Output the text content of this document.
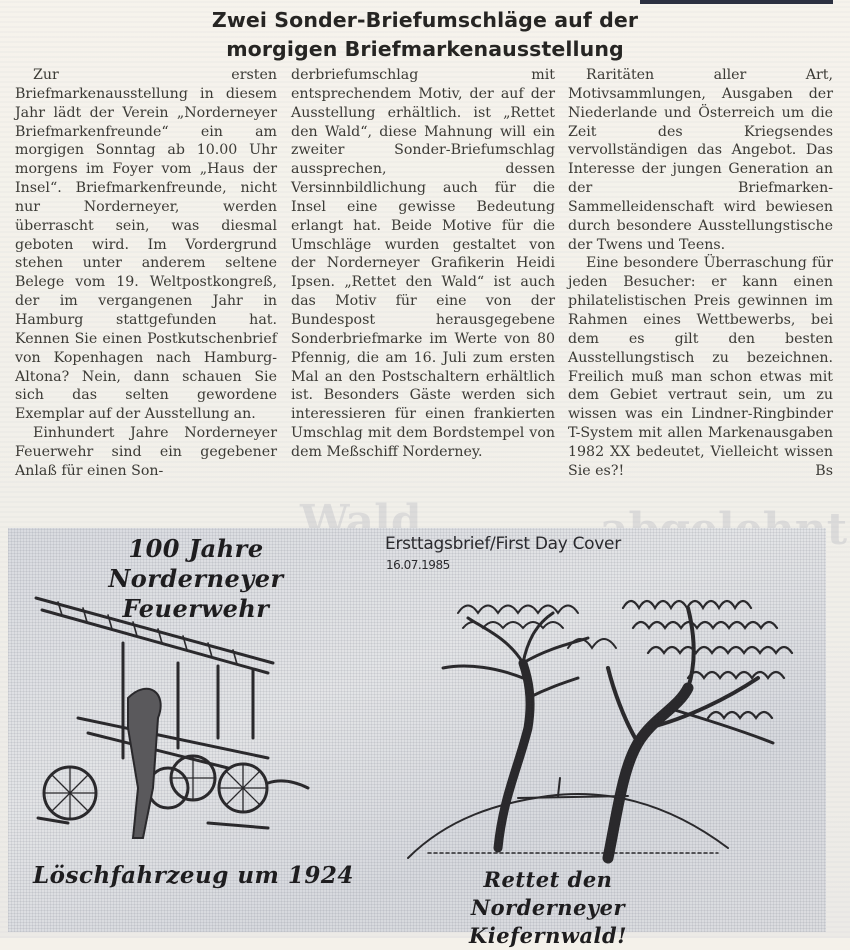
Wald
Zwei Sonder-Briefumschläge auf der
morgigen Briefmarkenausstellung

Zur ersten Briefmarkenausstellung in diesem Jahr lädt der Verein „Norderneyer Briefmarkenfreunde“ ein am morgigen Sonntag ab 10.00 Uhr morgens im Foyer vom „Haus der Insel“. Briefmarkenfreunde, nicht nur Norderneyer, werden überrascht sein, was diesmal geboten wird. Im Vordergrund stehen unter anderem seltene Belege vom 19. Weltpostkongreß, der im vergangenen Jahr in Hamburg stattgefunden hat. Kennen Sie einen Postkutschenbrief von Kopenhagen nach Hamburg-Altona? Nein, dann schauen Sie sich das selten gewordene Exemplar auf der Ausstellung an.

Einhundert Jahre Norderneyer Feuerwehr sind ein gegebener Anlaß für einen Son-

derbriefumschlag mit entsprechendem Motiv, der auf der Ausstellung erhältlich. ist „Rettet den Wald“, diese Mahnung will ein zweiter Sonder-Briefumschlag aussprechen, dessen Versinnbildlichung auch für die Insel eine gewisse Bedeutung erlangt hat. Beide Motive für die Umschläge wurden gestaltet von der Norderneyer Grafikerin Heidi Ipsen. „Rettet den Wald“ ist auch das Motiv für eine von der Bundespost herausgegebene Sonderbriefmarke im Werte von 80 Pfennig, die am 16. Juli zum ersten Mal an den Postschaltern erhältlich ist. Besonders Gäste werden sich interessieren für einen frankierten Umschlag mit dem Bordstempel von dem Meßschiff Norderney.

Raritäten aller Art, Motivsammlungen, Ausgaben der Niederlande und Österreich um die Zeit des Kriegsendes vervollständigen das Angebot. Das Interesse der jungen Generation an der Briefmarken-Sammelleidenschaft wird bewiesen durch besondere Ausstellungstische der Twens und Teens.

Eine besondere Überraschung für jeden Besucher: er kann einen philatelistischen Preis gewinnen im Rahmen eines Wettbewerbs, bei dem es gilt den besten Ausstellungstisch zu bezeichnen. Freilich muß man schon etwas mit dem Gebiet vertraut sein, um zu wissen was ein Lindner-Ringbinder T-System mit allen Markenausgaben 1982 XX bedeutet, Vielleicht wissen Sie es?!	Bs
100 Jahre Norderneyer
Feuerwehr
Ersttagsbrief/First Day Cover
16.07.1985
Löschfahrzeug um 1924	Rettet den Norderneyer
Kiefernwald!
